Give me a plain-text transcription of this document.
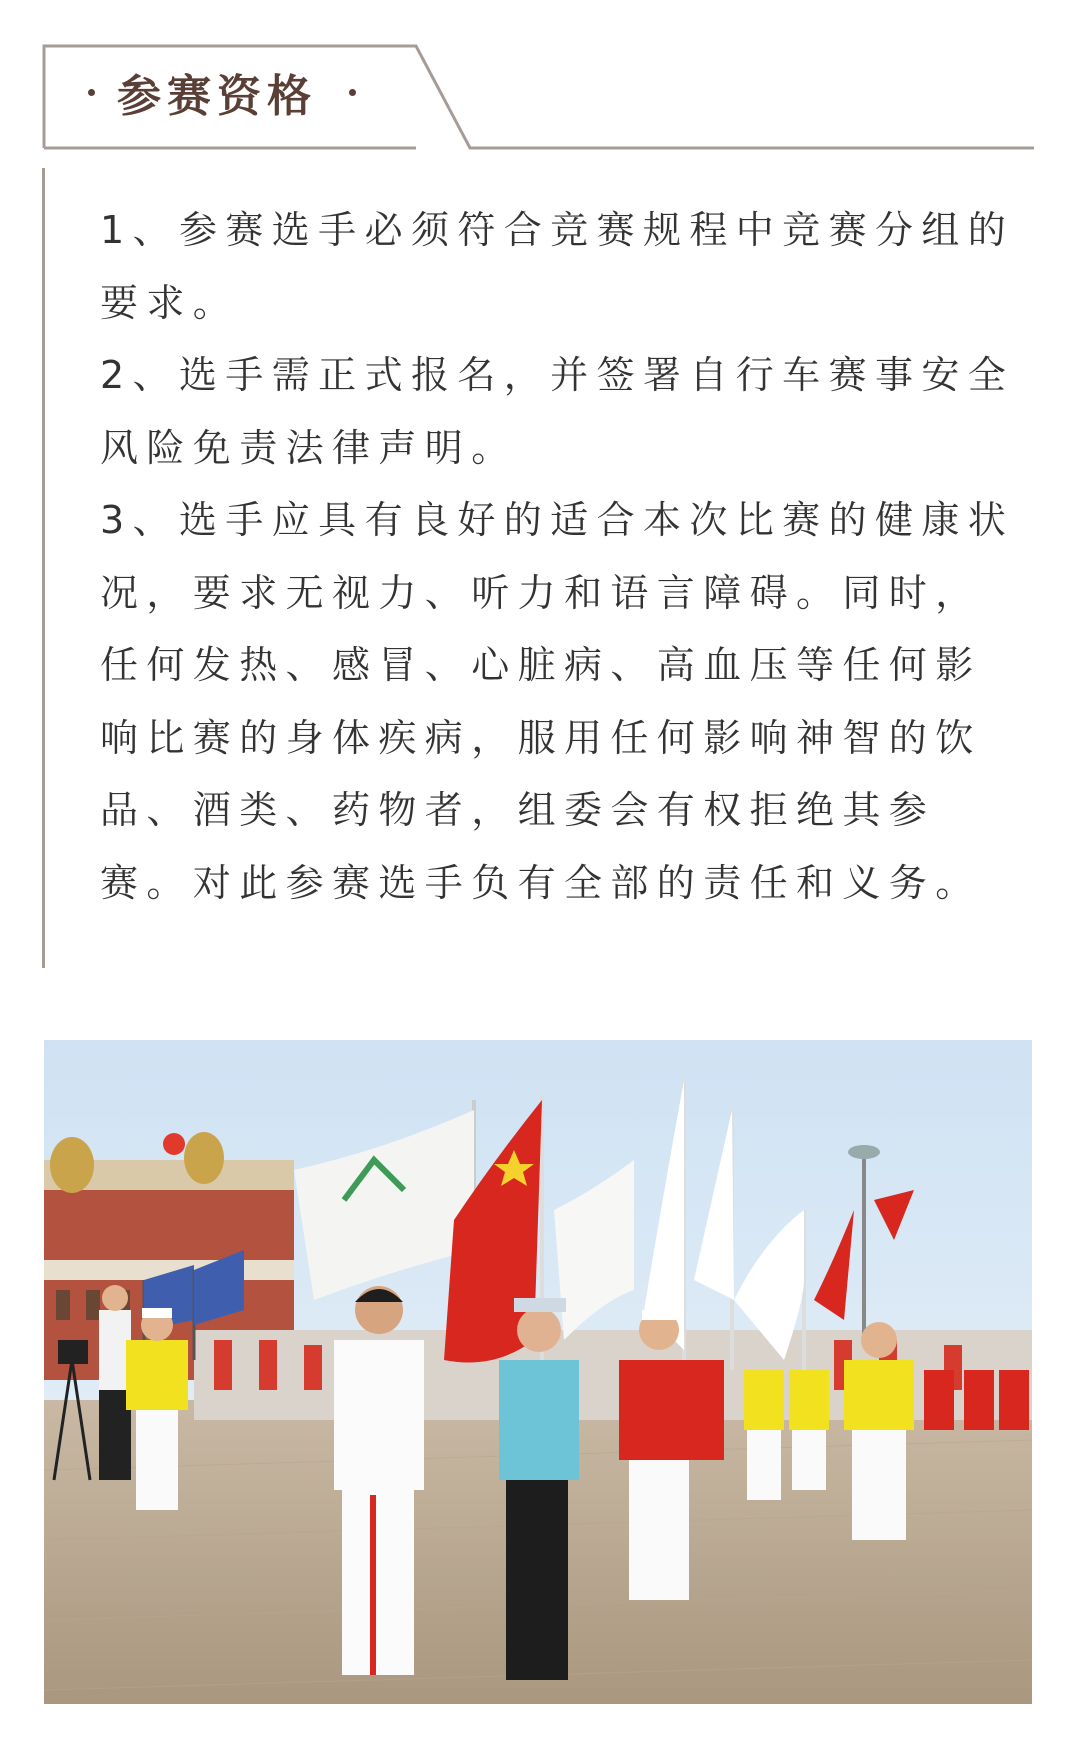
参赛资格

1、参赛选手必须符合竞赛规程中竞赛分组的要求。

2、选手需正式报名，并签署自行车赛事安全风险免责法律声明。

3、选手应具有良好的适合本次比赛的健康状况，要求无视力、听力和语言障碍。同时，任何发热、感冒、心脏病、高血压等任何影响比赛的身体疾病，服用任何影响神智的饮品、酒类、药物者，组委会有权拒绝其参赛。对此参赛选手负有全部的责任和义务。
